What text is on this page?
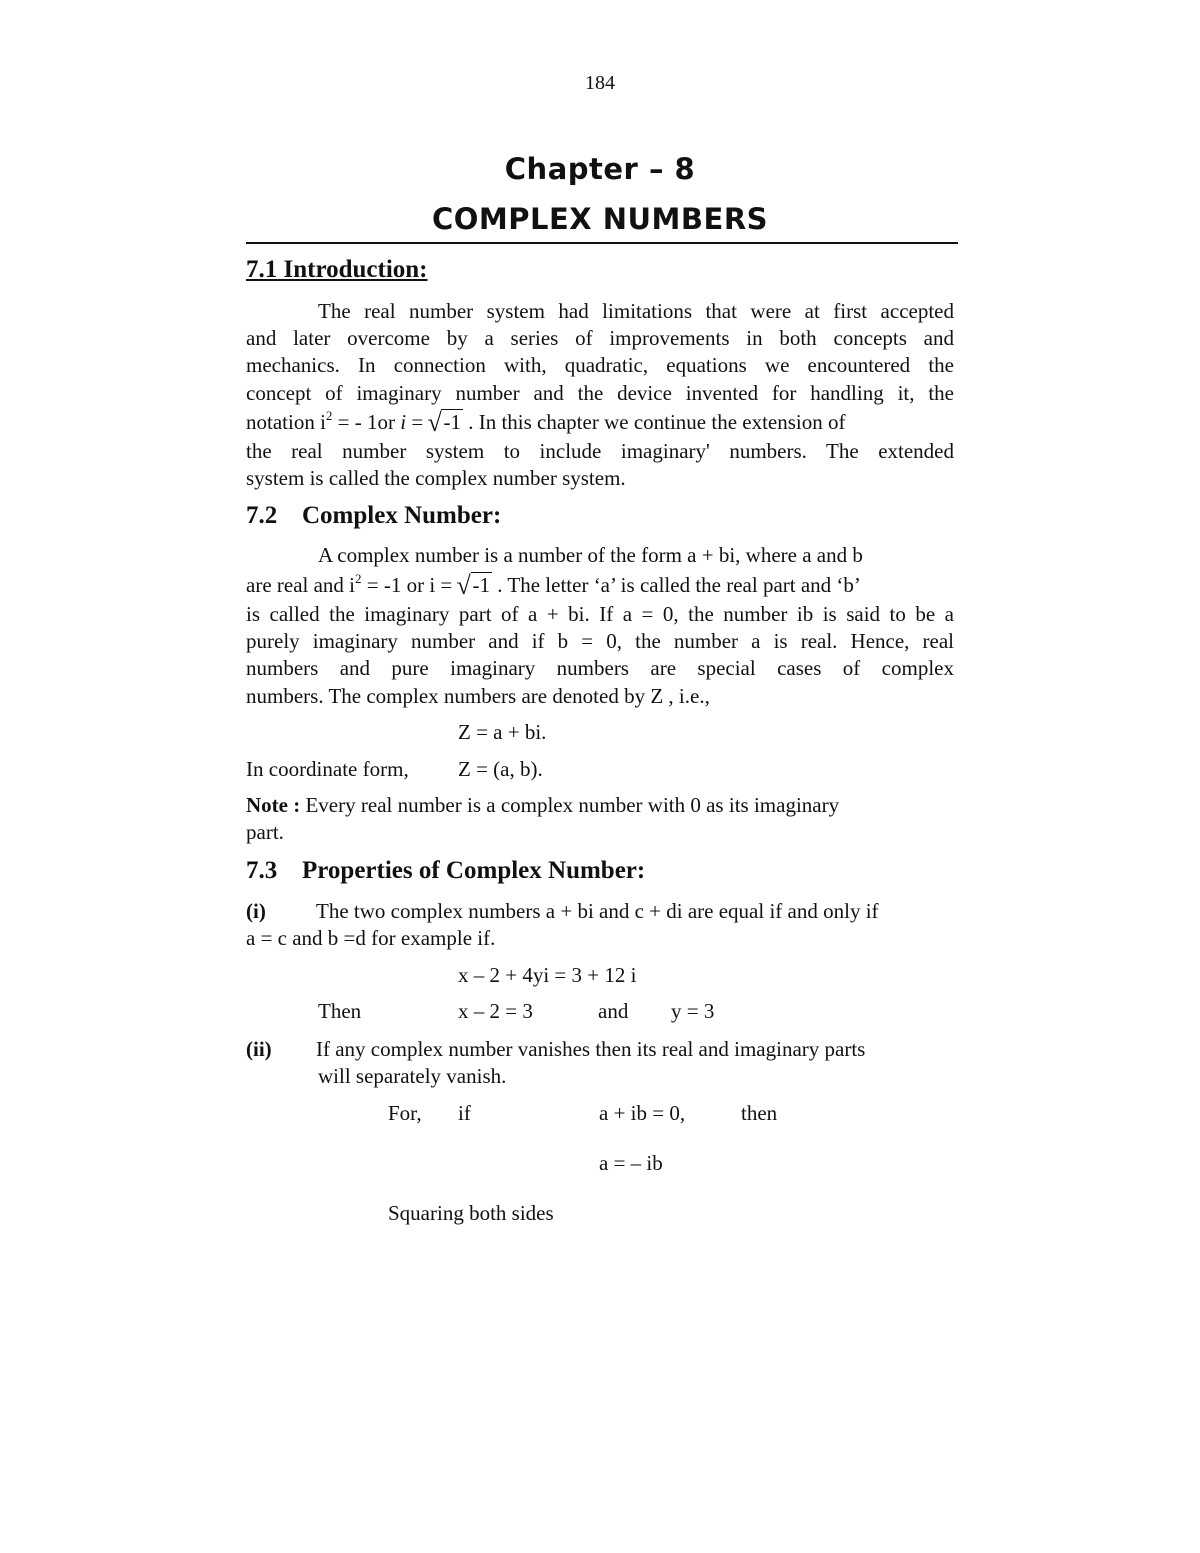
184
Chapter – 8
COMPLEX NUMBERS
7.1 Introduction:
The real number system had limitations that were at first accepted
and later overcome by a series of improvements in both concepts and
mechanics. In connection with, quadratic, equations we encountered the
concept of imaginary number and the device invented for handling it, the
notation $i^2$ = - 1or i = √ -1 . In this chapter we continue the extension of
the real number system to include imaginary' numbers. The extended
system is called the complex number system.
7.2 Complex Number:
A complex number is a number of the form a + bi, where a and b
are real and $i^2 = -1$ or i = √ -1 . The letter ‘a’ is called the real part and ‘b’
is called the imaginary part of a + bi. If a = 0, the number ib is said to be a
purely imaginary number and if b = 0, the number a is real. Hence, real
numbers and pure imaginary numbers are special cases of complex
numbers. The complex numbers are denoted by Z , i.e.,
Z = a + bi.
In coordinate form, Z = (a, b).
Note : Every real number is a complex number with 0 as its imaginary
part.
7.3 Properties of Complex Number:
(i) The two complex numbers a + bi and c + di are equal if and only if
a = c and b =d for example if.
x – 2 + 4yi = 3 + 12 i
Then	x – 2 = 3	and y = 3
(ii) If any complex number vanishes then its real and imaginary parts
will separately vanish.
For, if	a + ib = 0,	then
a = – ib
Squaring both sides
